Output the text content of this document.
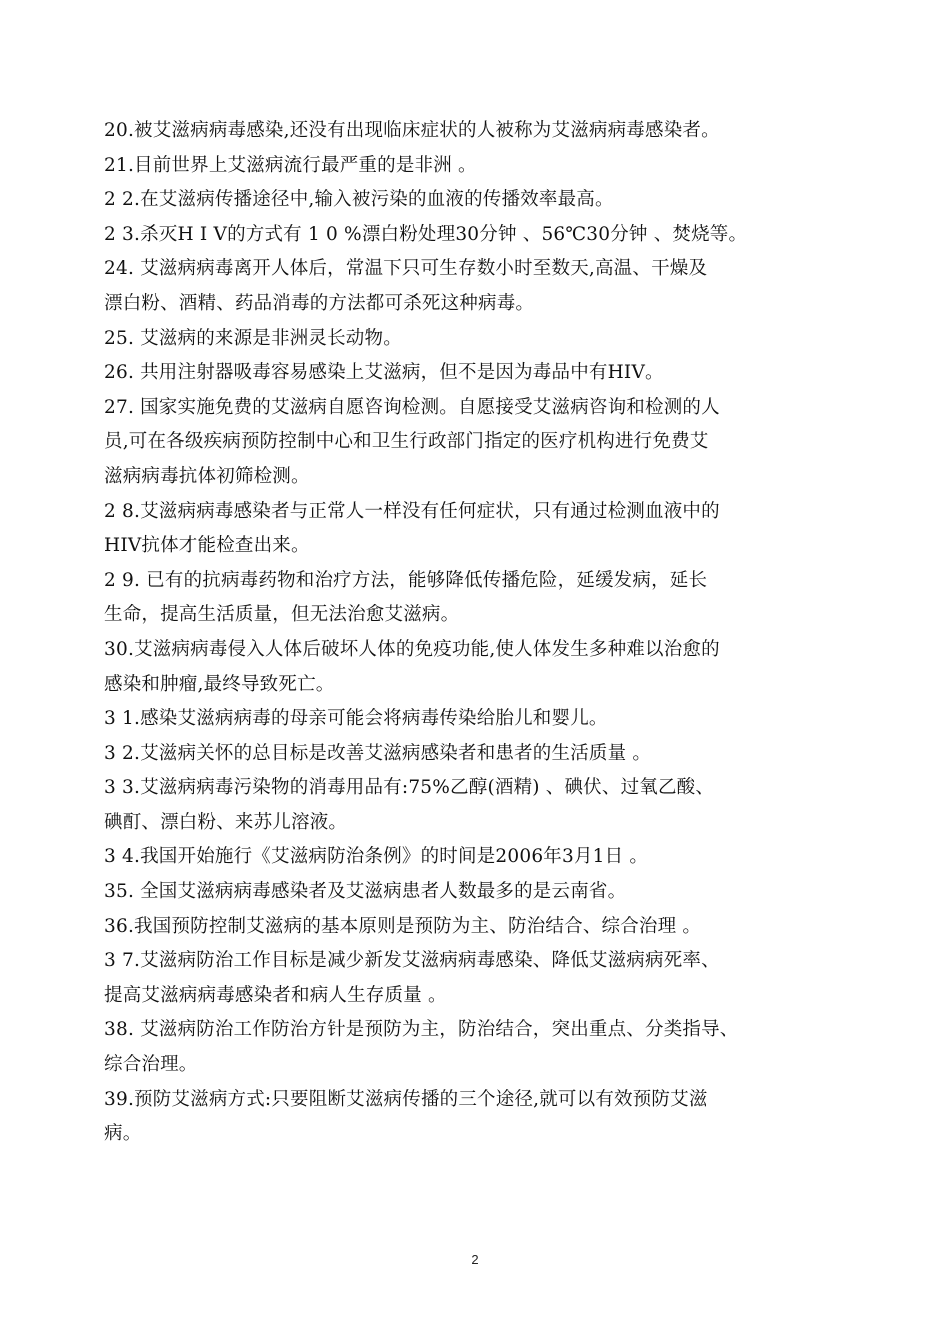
20.被艾滋病病毒感染,还没有出现临床症状的人被称为艾滋病病毒感染者。
21.目前世界上艾滋病流行最严重的是非洲 。
2 2.在艾滋病传播途径中,输入被污染的血液的传播效率最高。
2 3.杀灭H I V的方式有 1 0 %漂白粉处理30分钟 、56℃30分钟 、焚烧等。
24. 艾滋病病毒离开人体后，常温下只可生存数小时至数天,高温、干燥及
漂白粉、酒精、药品消毒的方法都可杀死这种病毒。
25. 艾滋病的来源是非洲灵长动物。
26. 共用注射器吸毒容易感染上艾滋病，但不是因为毒品中有HIV。
27. 国家实施免费的艾滋病自愿咨询检测。自愿接受艾滋病咨询和检测的人
员,可在各级疾病预防控制中心和卫生行政部门指定的医疗机构进行免费艾
滋病病毒抗体初筛检测。
2 8.艾滋病病毒感染者与正常人一样没有任何症状，只有通过检测血液中的
HIV抗体才能检查出来。
2 9. 已有的抗病毒药物和治疗方法，能够降低传播危险，延缓发病，延长
生命，提高生活质量，但无法治愈艾滋病。
30.艾滋病病毒侵入人体后破坏人体的免疫功能,使人体发生多种难以治愈的
感染和肿瘤,最终导致死亡。
3 1.感染艾滋病病毒的母亲可能会将病毒传染给胎儿和婴儿。
3 2.艾滋病关怀的总目标是改善艾滋病感染者和患者的生活质量 。
3 3.艾滋病病毒污染物的消毒用品有:75%乙醇(酒精) 、碘伏、过氧乙酸、
碘酊、漂白粉、来苏儿溶液。
3 4.我国开始施行《艾滋病防治条例》的时间是2006年3月1日 。
35. 全国艾滋病病毒感染者及艾滋病患者人数最多的是云南省。
36.我国预防控制艾滋病的基本原则是预防为主、防治结合、综合治理 。
3 7.艾滋病防治工作目标是减少新发艾滋病病毒感染、降低艾滋病病死率、
提高艾滋病病毒感染者和病人生存质量 。
38. 艾滋病防治工作防治方针是预防为主，防治结合，突出重点、分类指导、
综合治理。
39.预防艾滋病方式:只要阻断艾滋病传播的三个途径,就可以有效预防艾滋
病。
2
